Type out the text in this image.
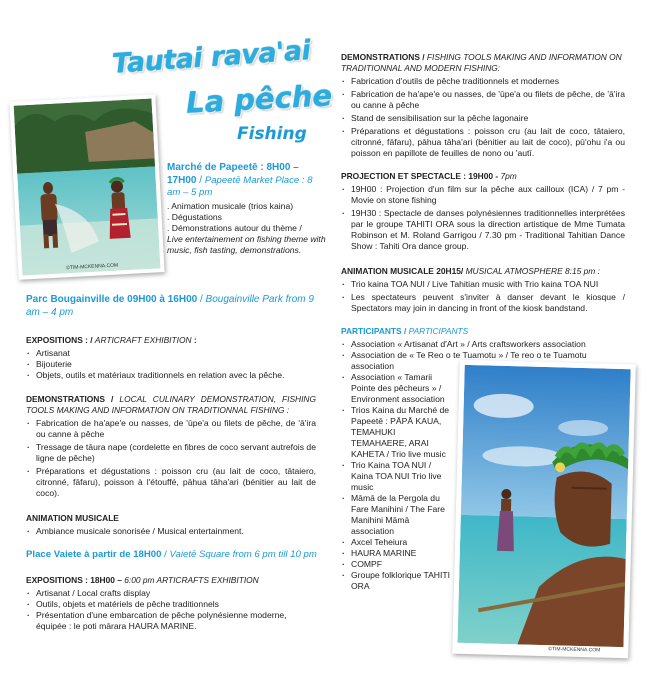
Tautai rava'ai
La pêche
Fishing
©TIM-MCKENNA.COM
Marché de Papeetē : 8H00 – 17H00 / Papeetē Market Place : 8 am – 5 pm
. Animation musicale (trios kaina)
. Dégustations
. Démonstrations autour du thème /
Live entertainement on fishing theme with music, fish tasting, demonstrations.
Parc Bougainville de 09H00 à 16H00 / Bougainville Park from 9 am – 4 pm
EXPOSITIONS : / ARTICRAFT EXHIBITION :
. Artisanat
. Bijouterie
. Objets, outils et matériaux traditionnels en relation avec la pêche.
DEMONSTRATIONS / LOCAL CULINARY DEMONSTRATION, FISHING TOOLS MAKING AND INFORMATION ON TRADITIONNAL FISHING :
. Fabrication de ha'ape'e ou nasses, de 'ūpe'a ou filets de pêche, de 'ā'ira ou canne à pêche
. Tressage de tāura nape (cordelette en fibres de coco servant autrefois de ligne de pêche)
. Préparations et dégustations : poisson cru (au lait de coco, tātaiero, citronné, fāfaru), poisson à l'étouffé, pāhua tāha'ari (bénitier au lait de coco).
ANIMATION MUSICALE
. Ambiance musicale sonorisée / Musical entertainment.
Place Vaiete à partir de 18H00 / Vaietē Square from 6 pm till 10 pm
EXPOSITIONS : 18H00 – 6:00 pm ARTICRAFTS EXHIBITION
. Artisanat / Local crafts display
. Outils, objets et matériels de pêche traditionnels
. Présentation d'une embarcation de pêche polynésienne moderne, équipée : le poti mārara HAURA MARINE.
DEMONSTRATIONS / FISHING TOOLS MAKING AND INFORMATION ON TRADITIONNAL AND MODERN FISHING:
. Fabrication d'outils de pêche traditionnels et modernes
. Fabrication de ha'ape'e ou nasses, de 'ūpe'a ou filets de pêche, de 'ā'ira ou canne à pêche
. Stand de sensibilisation sur la pêche lagonaire
. Préparations et dégustations : poisson cru (au lait de coco, tātaiero, citronné, fāfaru), pāhua tāha'ari (bénitier au lait de coco), pū'ohu i'a ou poisson en papillote de feuilles de nono ou 'autī.
PROJECTION ET SPECTACLE : 19H00 - 7pm
. 19H00 : Projection d'un film sur la pêche aux cailloux (ICA) / 7 pm - Movie on stone fishing
. 19H30 : Spectacle de danses polynésiennes traditionnelles interprétées par le groupe TAHITI ORA sous la direction artistique de Mme Tumata Robinson et M. Roland Garrigou / 7.30 pm - Traditional Tahitian Dance Show : Tahiti Ora dance group.
ANIMATION MUSICALE 20H15/ MUSICAL ATMOSPHERE 8:15 pm :
. Trio kaina TOA NUI / Live Tahitian music with Trio kaina TOA NUI
. Les spectateurs peuvent s'inviter à danser devant le kiosque / Spectators may join in dancing in front of the kiosk bandstand.
PARTICIPANTS / PARTICIPANTS
. Association « Artisanat d'Art » / Arts craftsworkers association
. Association de « Te Reo o te Tuamotu » / Te reo o te Tuamotu association
. Association « Tamarii Pointe des pêcheurs » / Environment association
. Trios Kaina du Marché de Papeetē : PĀPĀ KAUA, TEMAHUKI TEMAHAERE, ARAI KAHETA / Trio live music
. Trio Kaina TOA NUI / Kaina TOA NUI Trio live music
. Māmā de la Pergola du Fare Manihini / The Fare Manihini Māmā association
. Axcel Teheiura
. HAURA MARINE
. COMPF
. Groupe folklorique TAHITI ORA
©TIM-MCKENNA.COM
